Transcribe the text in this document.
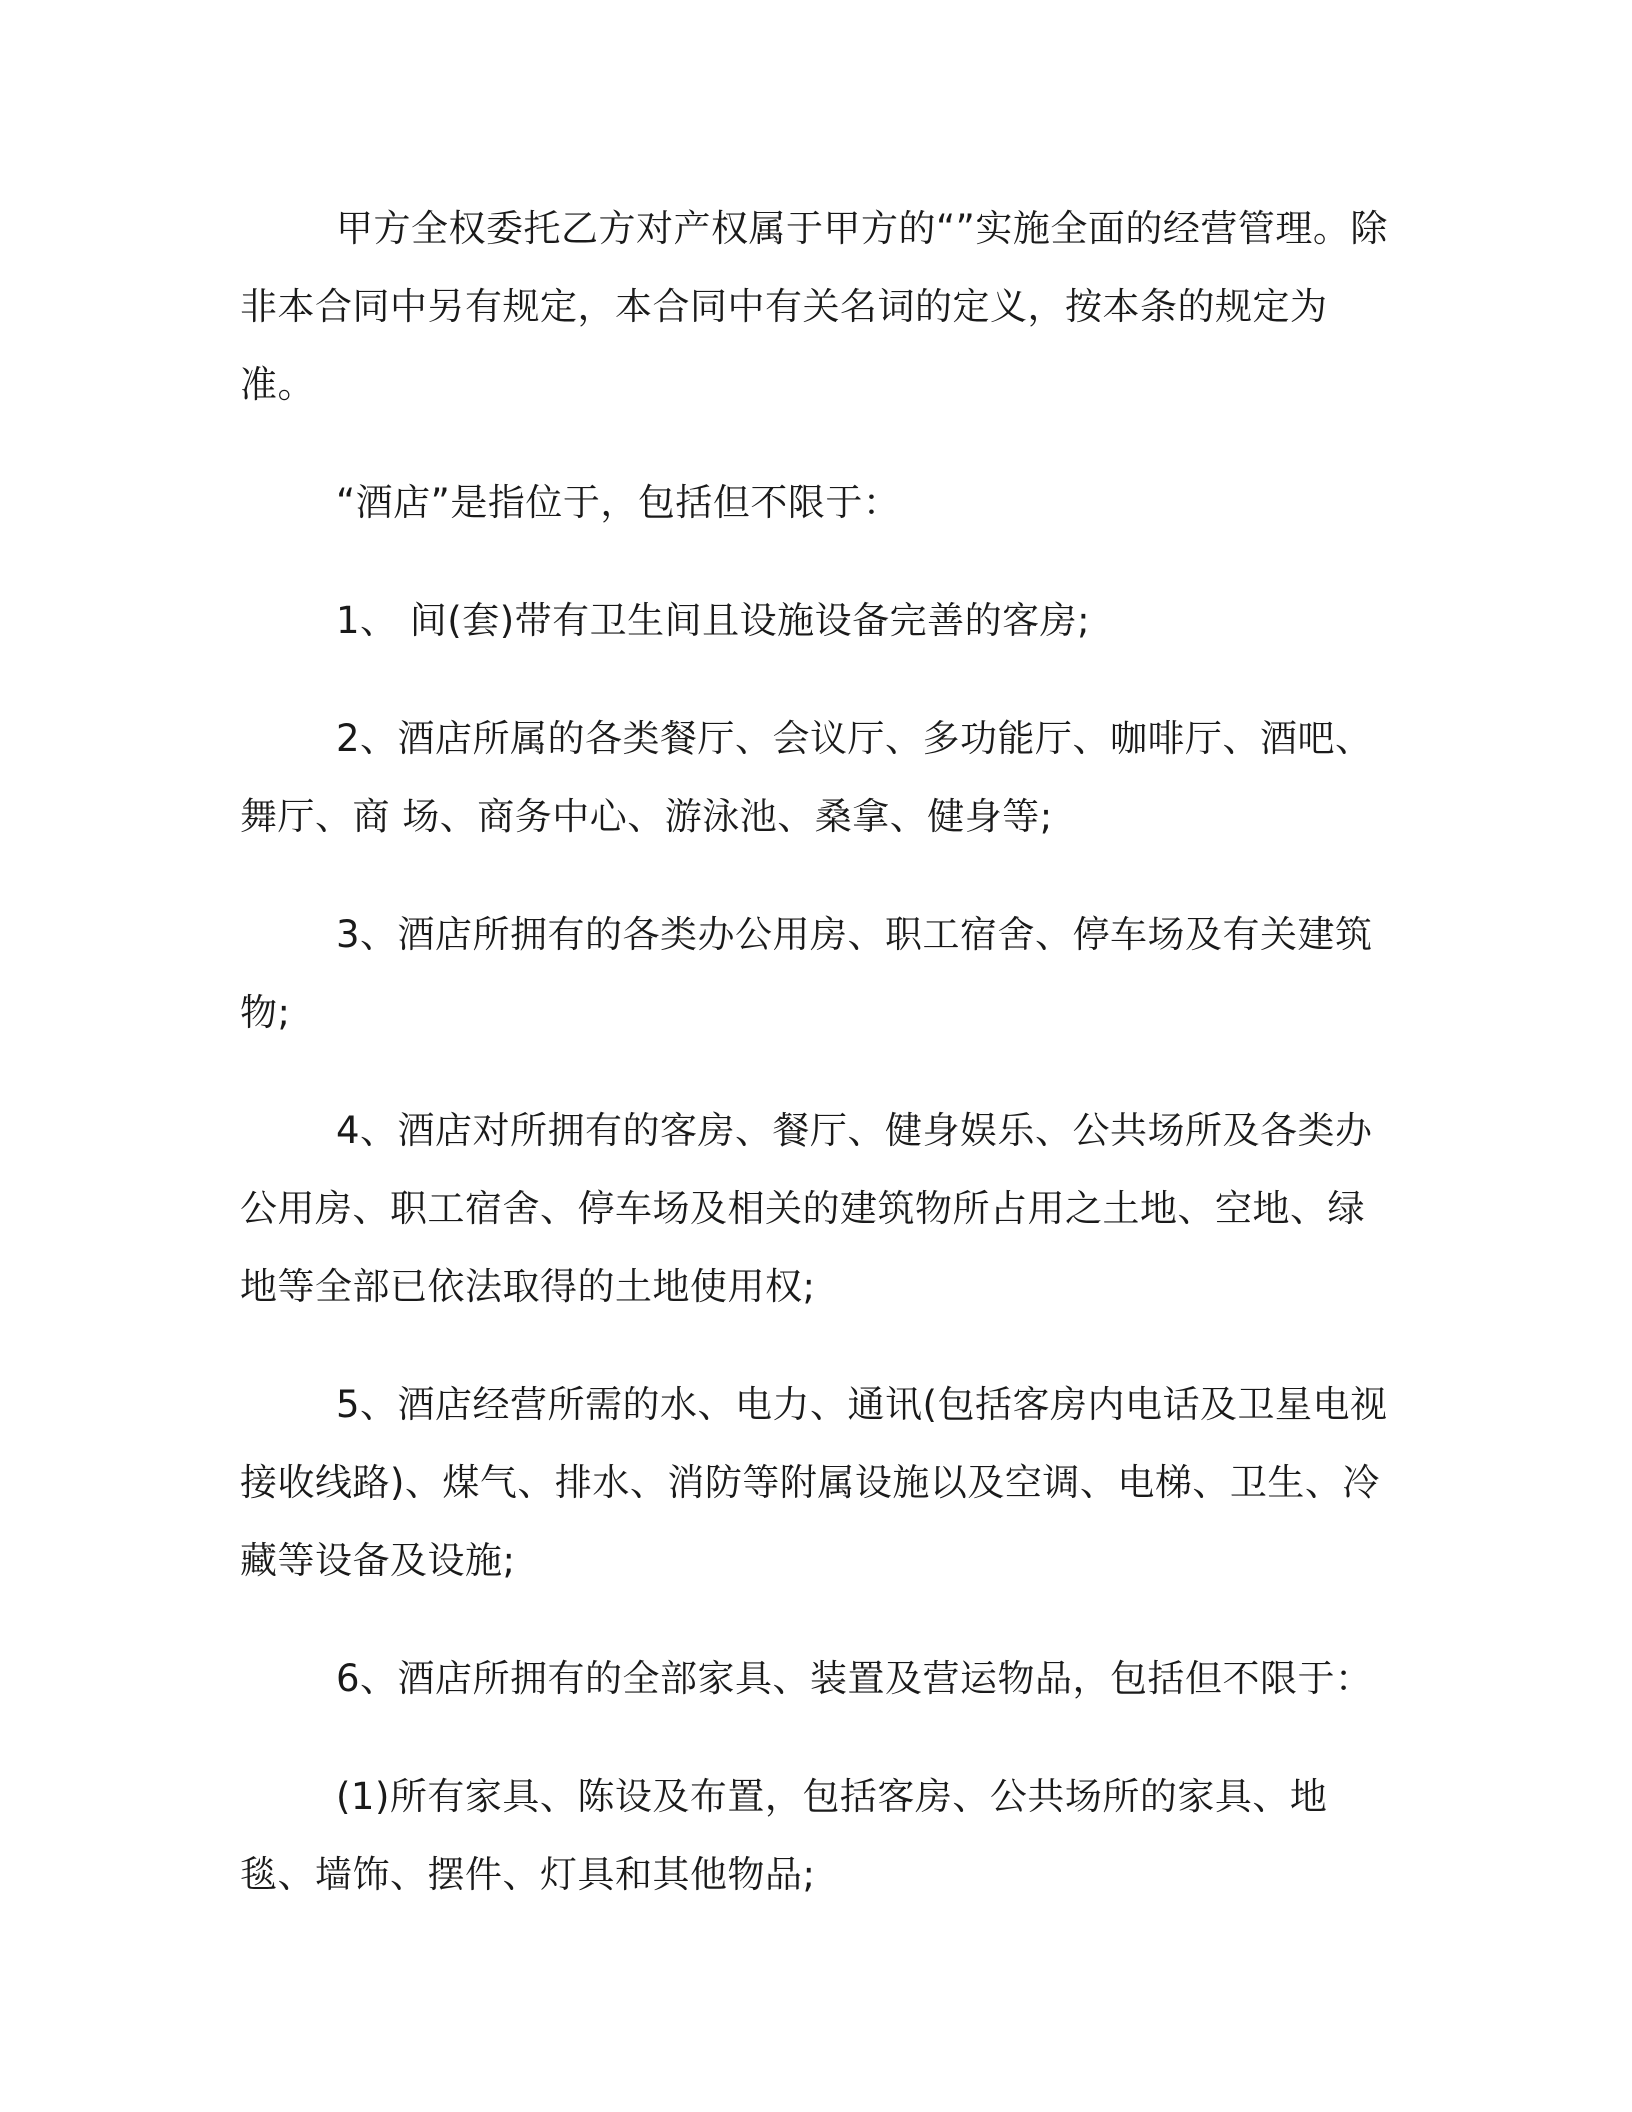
甲方全权委托乙方对产权属于甲方的“”实施全面的经营管理。除非本合同中另有规定，本合同中有关名词的定义，按本条的规定为准。

“酒店”是指位于，包括但不限于：

1、 间(套)带有卫生间且设施设备完善的客房;

2、酒店所属的各类餐厅、会议厅、多功能厅、咖啡厅、酒吧、舞厅、商 场、商务中心、游泳池、桑拿、健身等;

3、酒店所拥有的各类办公用房、职工宿舍、停车场及有关建筑物;

4、酒店对所拥有的客房、餐厅、健身娱乐、公共场所及各类办公用房、职工宿舍、停车场及相关的建筑物所占用之土地、空地、绿地等全部已依法取得的土地使用权;

5、酒店经营所需的水、电力、通讯(包括客房内电话及卫星电视接收线路)、煤气、排水、消防等附属设施以及空调、电梯、卫生、冷藏等设备及设施;

6、酒店所拥有的全部家具、装置及营运物品，包括但不限于：

(1)所有家具、陈设及布置，包括客房、公共场所的家具、地毯、墙饰、摆件、灯具和其他物品;
